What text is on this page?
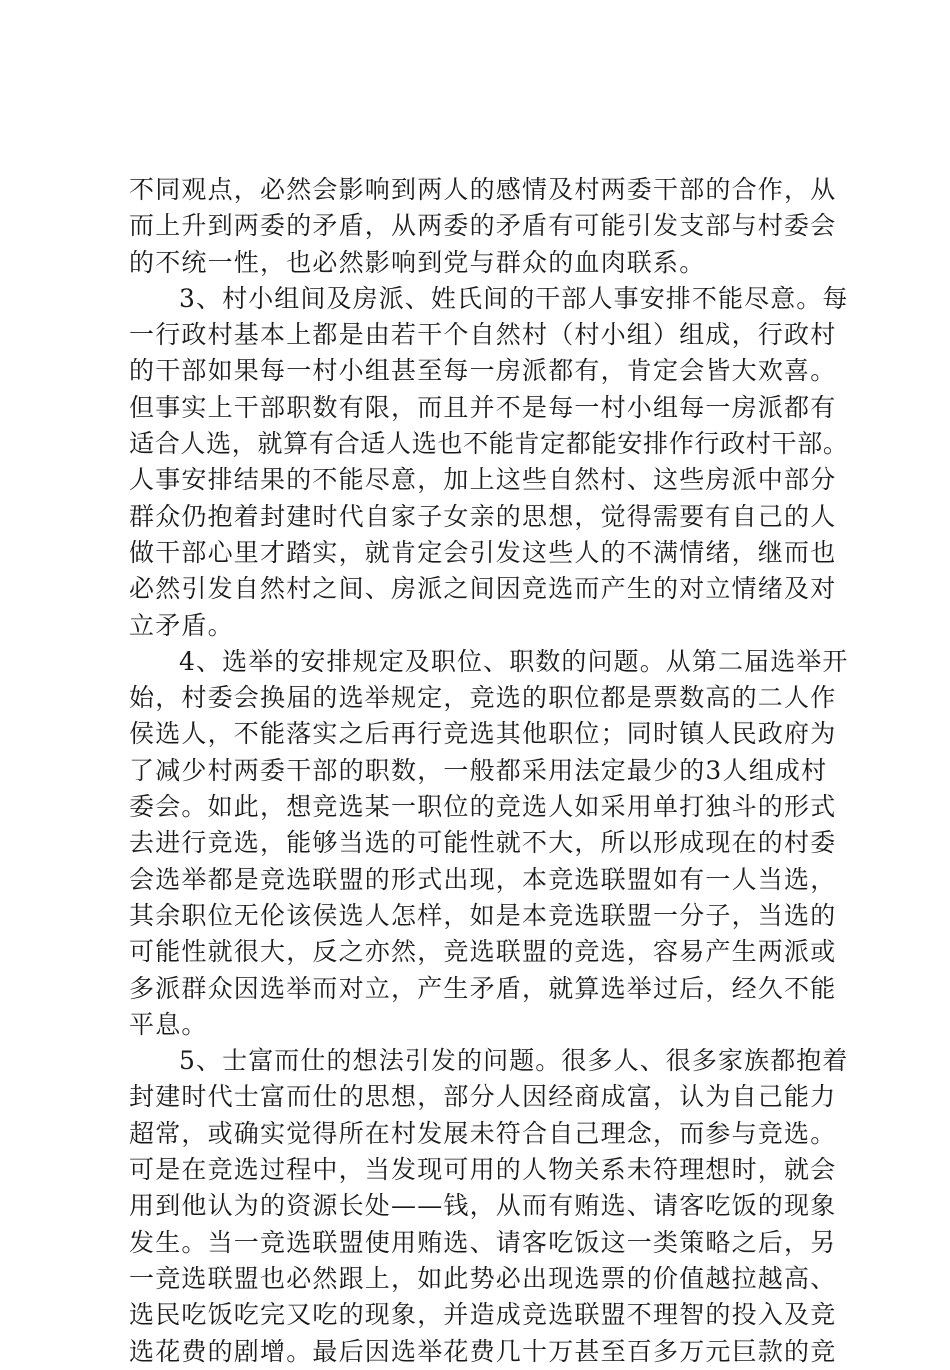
不同观点，必然会影响到两人的感情及村两委干部的合作，从
而上升到两委的矛盾，从两委的矛盾有可能引发支部与村委会
的不统一性，也必然影响到党与群众的血肉联系。
3、村小组间及房派、姓氏间的干部人事安排不能尽意。每
一行政村基本上都是由若干个自然村（村小组）组成，行政村
的干部如果每一村小组甚至每一房派都有，肯定会皆大欢喜。
但事实上干部职数有限，而且并不是每一村小组每一房派都有
适合人选，就算有合适人选也不能肯定都能安排作行政村干部。
人事安排结果的不能尽意，加上这些自然村、这些房派中部分
群众仍抱着封建时代自家子女亲的思想，觉得需要有自己的人
做干部心里才踏实，就肯定会引发这些人的不满情绪，继而也
必然引发自然村之间、房派之间因竞选而产生的对立情绪及对
立矛盾。
4、选举的安排规定及职位、职数的问题。从第二届选举开
始，村委会换届的选举规定，竞选的职位都是票数高的二人作
侯选人，不能落实之后再行竞选其他职位；同时镇人民政府为
了减少村两委干部的职数，一般都采用法定最少的3人组成村
委会。如此，想竞选某一职位的竞选人如采用单打独斗的形式
去进行竞选，能够当选的可能性就不大，所以形成现在的村委
会选举都是竞选联盟的形式出现，本竞选联盟如有一人当选，
其余职位无伦该侯选人怎样，如是本竞选联盟一分子，当选的
可能性就很大，反之亦然，竞选联盟的竞选，容易产生两派或
多派群众因选举而对立，产生矛盾，就算选举过后，经久不能
平息。
5、士富而仕的想法引发的问题。很多人、很多家族都抱着
封建时代士富而仕的思想，部分人因经商成富，认为自己能力
超常，或确实觉得所在村发展未符合自己理念，而参与竞选。
可是在竞选过程中，当发现可用的人物关系未符理想时，就会
用到他认为的资源长处——钱，从而有贿选、请客吃饭的现象
发生。当一竞选联盟使用贿选、请客吃饭这一类策略之后，另
一竞选联盟也必然跟上，如此势必出现选票的价值越拉越高、
选民吃饭吃完又吃的现象，并造成竞选联盟不理智的投入及竞
选花费的剧增。最后因选举花费几十万甚至百多万元巨款的竞
